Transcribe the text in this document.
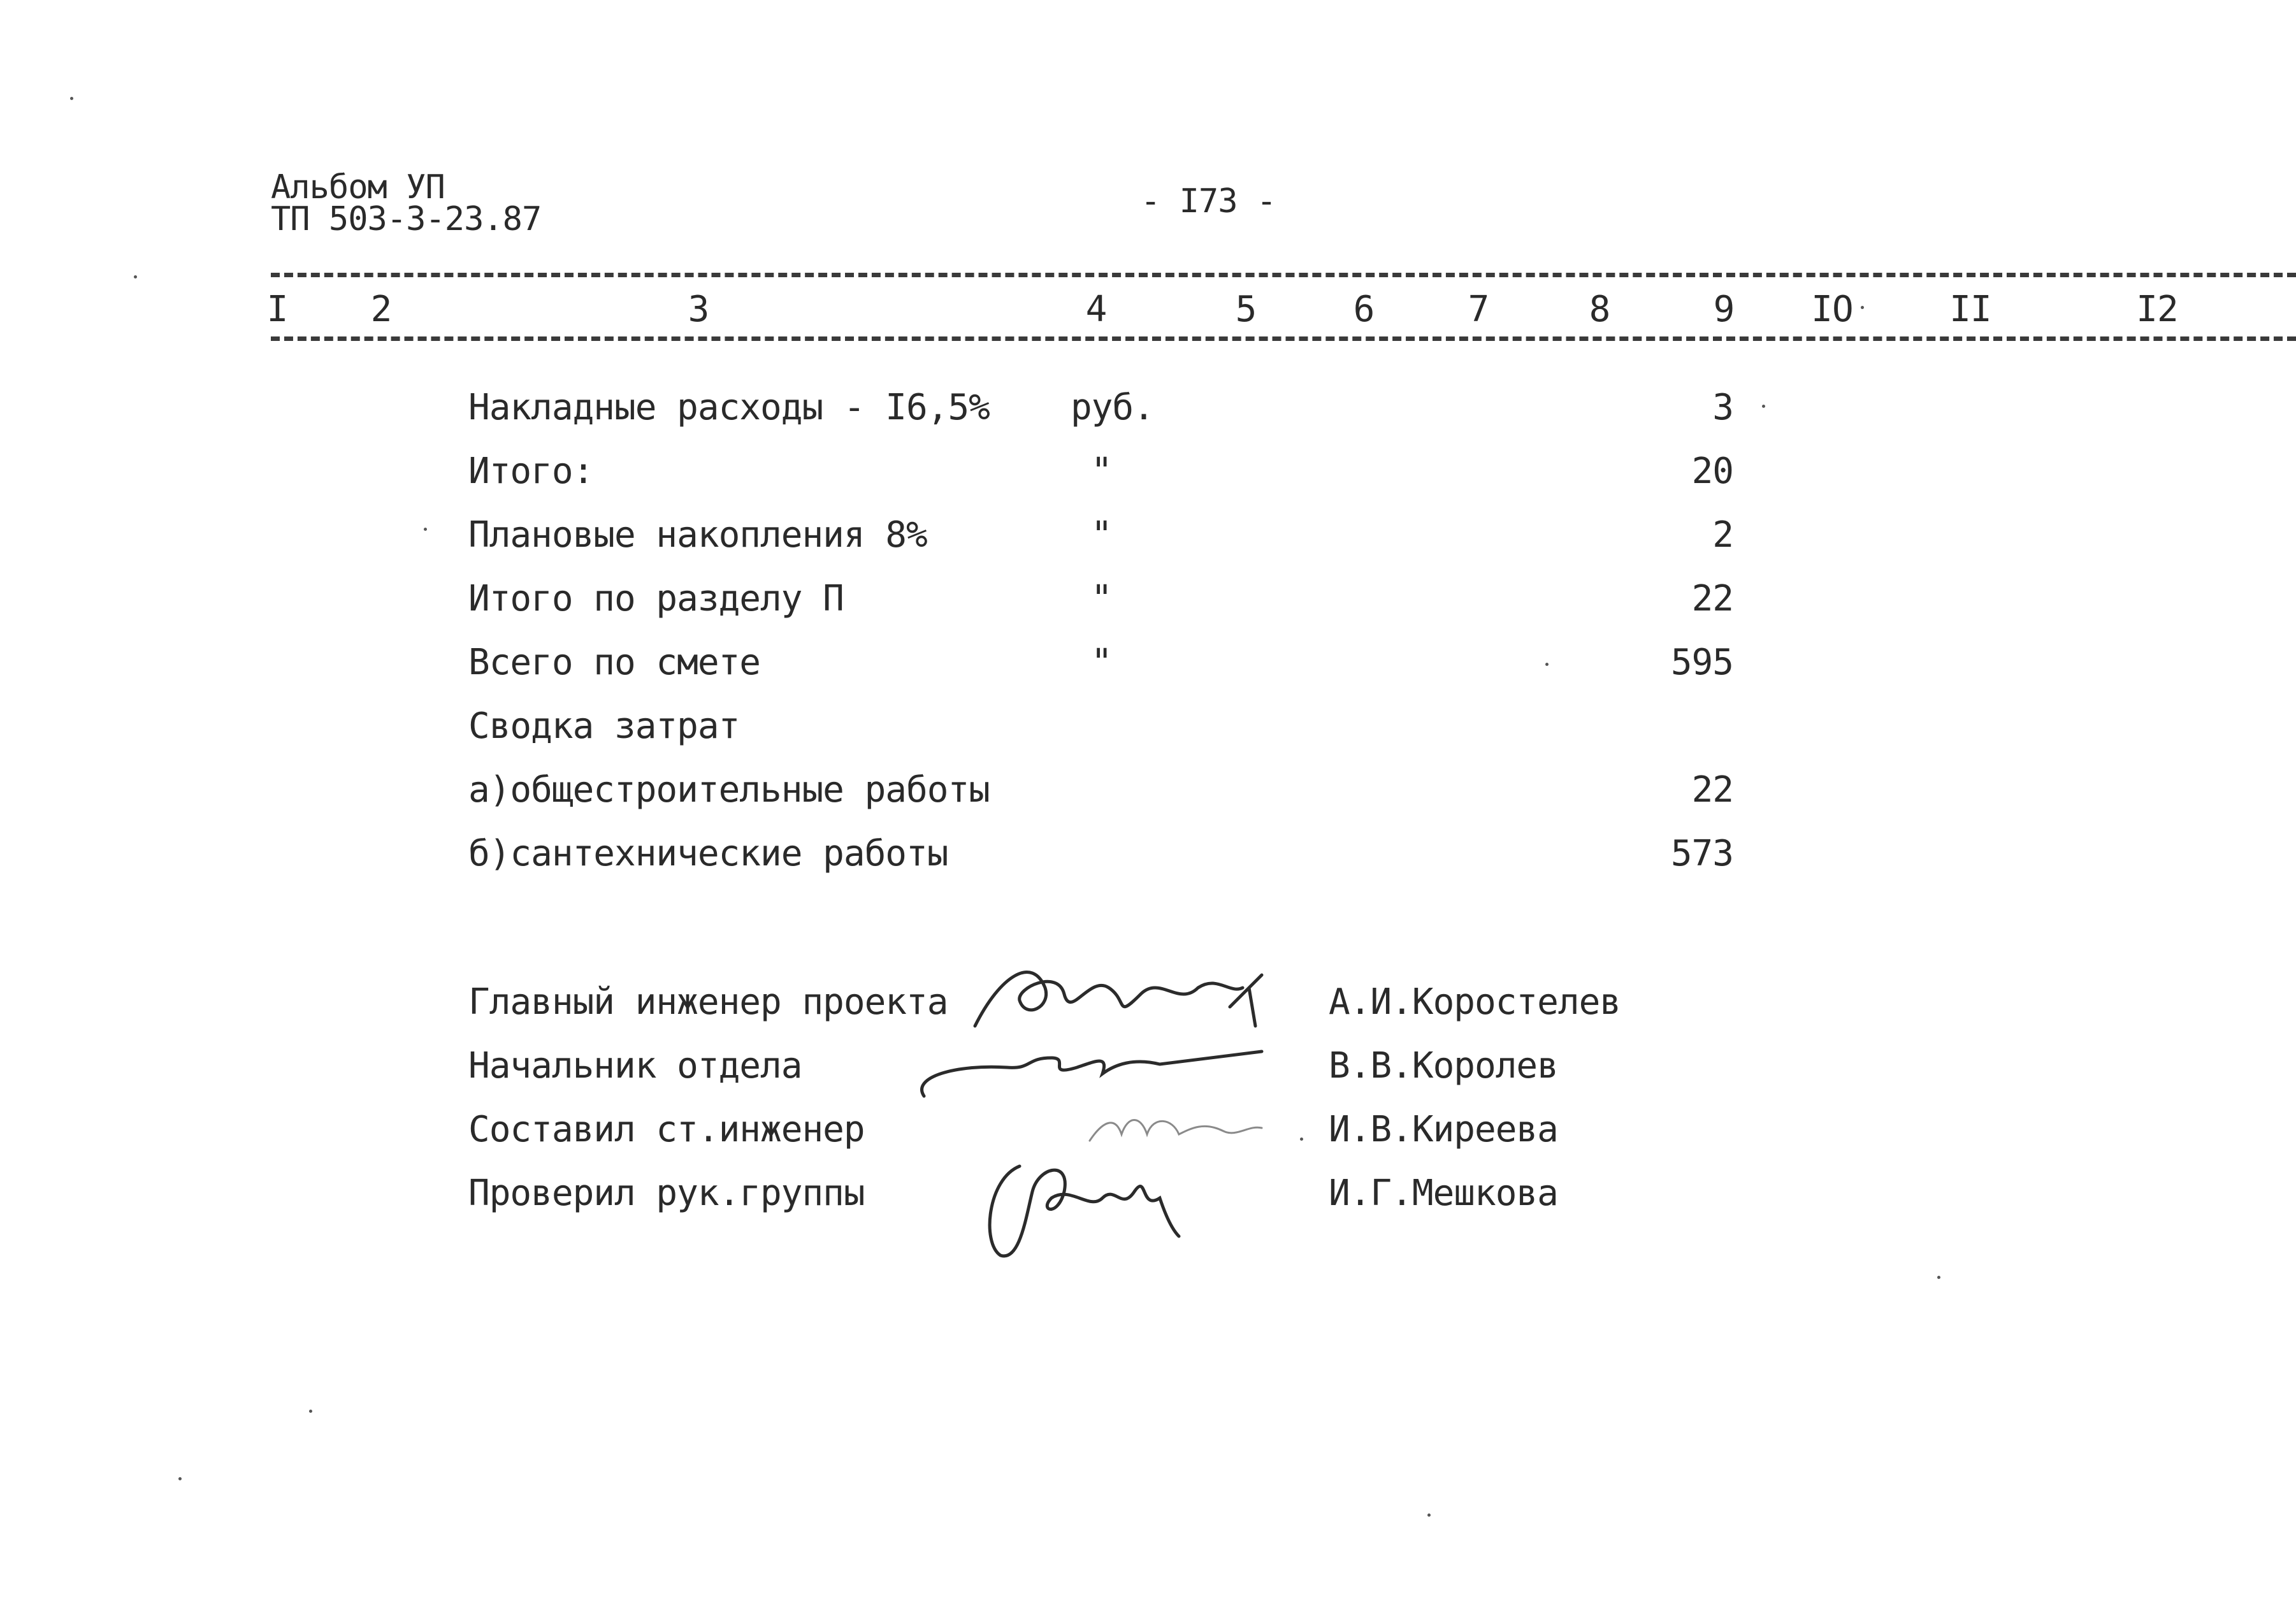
Альбом УП
ТП 503-3-23.87	- I73 -
I	2	3	4	5	6	7	8	9	IO	II	I2
Накладные расходы - I6,5% руб.	3
Итого:	"	20
Плановые накопления 8%	"	2
Итого по разделу П	"	22
Всего по смете	"	595
Сводка затрат
а)общестроительные работы	22
б)сантехнические работы	573
Главный инженер проекта	А.И.Коростелев
Начальник отдела	В.В.Королев
Составил ст.инженер	И.В.Киреева
Проверил рук.группы	И.Г.Мешкова
